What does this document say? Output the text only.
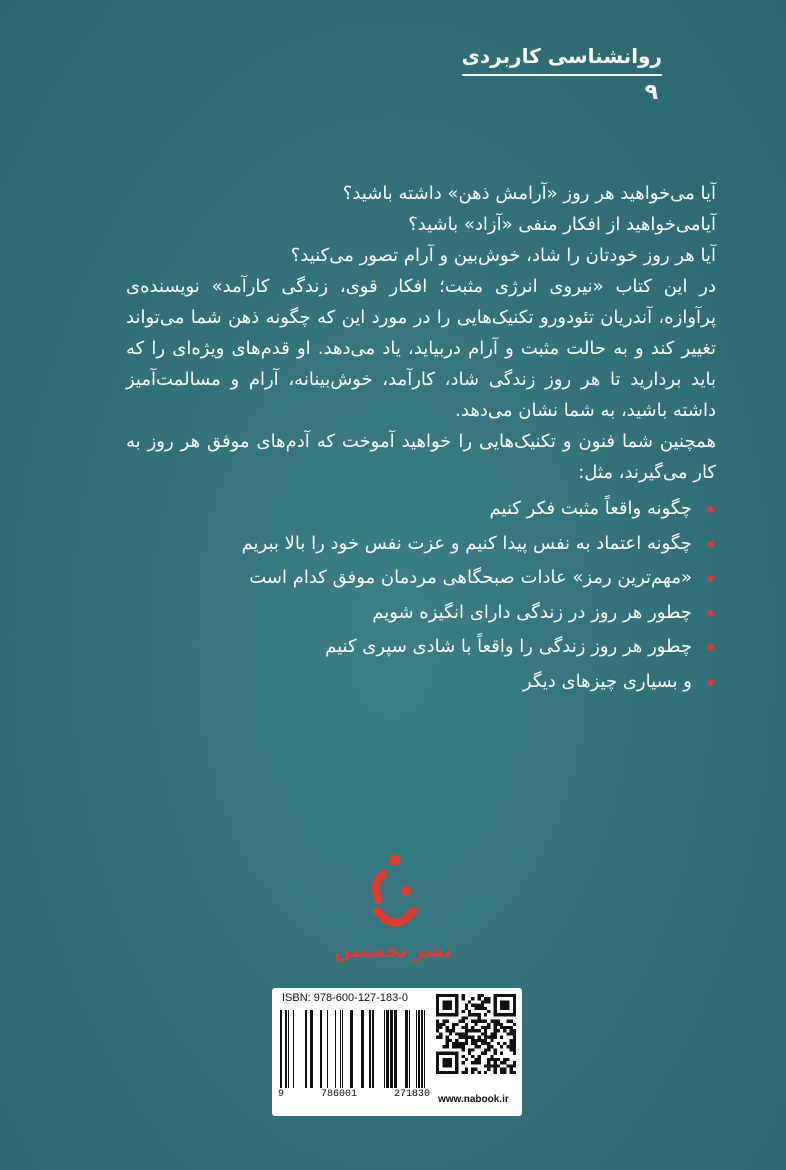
روانشناسی کاربردی
۹

آیا می‌خواهید هر روز «آرامش ذهن» داشته باشید؟

آیا‌می‌خواهید از افکار منفی «آزاد» باشید؟

آیا هر روز خودتان را شاد، خوش‌بین و آرام تصور می‌کنید؟

در این کتاب «نیروی انرژی مثبت؛ افکار قوی، زندگی کارآمد» نویسنده‌ی پرآوازه، آندریان تئودورو تکنیک‌هایی را در مورد این که چگونه ذهن شما می‌تواند تغییر کند و به حالت مثبت و آرام دربیاید، یاد می‌دهد. او قدم‌های ویژه‌ای را که باید بردارید تا هر روز زندگی شاد، کارآمد، خوش‌بینانه، آرام و مسالمت‌آمیز داشته باشید، به شما نشان می‌دهد.

همچنین شما فنون و تکنیک‌هایی را خواهید آموخت که آدم‌های موفق هر روز به کار می‌گیرند، مثل:

چگونه واقعاً مثبت فکر کنیم
چگونه اعتماد به نفس پیدا کنیم و عزت نفس خود را بالا ببریم
«مهم‌ترین رمز» عادات صبحگاهی مردمان موفق کدام است
چطور هر روز در زندگی دارای انگیزه شویم
چطور هر روز زندگی را واقعاً با شادی سپری کنیم
و بسیاری چیزهای دیگر
نشر نخستین
ISBN: 978-600-127-183-0
9	786001	271830 www.nabook.ir
